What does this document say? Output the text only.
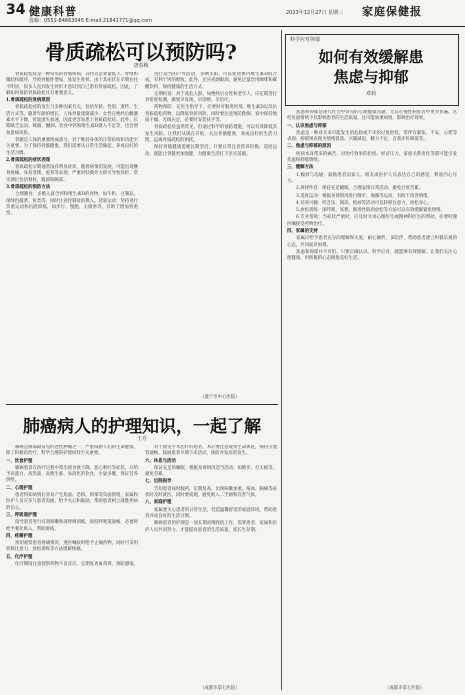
34 健康科普
投稿：0551-84663045 E-mail:21841771@qq.com
2023年12月27日 星期三 家庭保健报
骨质疏松可以预防吗?
唐春梅

骨质疏松症是一种常见的骨骼疾病，其特点是骨量低下、骨组织微结构破坏，导致骨脆性增加，易发生骨折。由于其症状在早期往往不明显，很多人直到发生骨折才意识到自己患有骨质疏松。因此，了解如何预防骨质疏松具有重要意义。

1.骨质疏松的发病原因

骨质疏松症的发生与多种因素有关，包括年龄、性别、遗传、生活方式等。随着年龄的增长，人体骨量逐渐减少，女性在绝经后雌激素水平下降，骨量流失加速，因此更容易患上骨质疏松症。此外，长期缺乏运动、吸烟、酗酒、饮食中钙和维生素D摄入不足等，也会增加患病风险。

骨骼是人体的重要组成部分，对于维持身体的正常结构和功能至关重要。为了保持骨骼健康，我们需要从日常生活做起，养成良好的生活习惯。

2.骨质疏松的症状表现

骨质疏松早期通常没有明显症状，随着病情的发展，可能出现腰背疼痛、身高变矮、驼背等表现，严重时轻微外力即可导致骨折，常见部位包括脊柱、髋部和腕部。

3.骨质疏松的预防方法

合理膳食：多摄入富含钙和维生素D的食物，如牛奶、豆制品、深绿色蔬菜、鱼类等，同时注意控制盐的摄入。适量运动：坚持进行负重运动和抗阻训练，如步行、慢跑、太极拳等，有助于增加骨密度。

进行适当的户外活动，多晒太阳，可以促进体内维生素D的合成，有利于钙的吸收。此外，还应戒烟限酒，避免过量饮用咖啡和碳酸饮料，保持健康的生活方式。

定期检查：对于高危人群，如绝经后女性和老年人，应定期进行骨密度检测，做到早发现、早诊断、早治疗。

药物预防：在医生指导下，必要时可服用钙剂、维生素D以及抗骨质疏松药物，以降低骨折风险。同时要注意预防跌倒，家中保持地面干燥、光线充足，必要时安装扶手等。

骨质疏松症虽然常见，但通过科学的预防措施，可以有效降低其发生风险。让我们从现在开始，关注骨骼健康，养成良好的生活习惯，远离骨质疏松的困扰。

保持骨骼健康需要长期坚持，只要日常注意营养均衡、适度运动，就能让骨骼更加强健，为健康生活打下坚实基础。

（遂宁市中心医院）
肺癌病人的护理知识，一起了解
王丹

肺癌是肺部最常见的恶性肿瘤之一，严重威胁人们的生命健康。除了积极的治疗，科学合理的护理同样至关重要。

一、饮食护理

肺癌患者在治疗过程中常出现食欲下降、恶心呕吐等症状，应给予高蛋白、高热量、高维生素、易消化的饮食，少量多餐，保证营养供给。

二、心理护理

患者得知病情后容易产生焦虑、恐惧、抑郁等负面情绪，家属和医护人员应多与患者沟通，给予关心和鼓励，帮助患者树立战胜疾病的信心。

三、呼吸道护理

指导患者进行有效咳嗽和深呼吸训练，保持呼吸道通畅，必要时给予雾化吸入，帮助排痰。

四、疼痛护理

密切观察患者疼痛情况，遵医嘱按时给予止痛药物，同时可采用转移注意力、放松训练等方法缓解疼痛。

五、化疗护理

化疗期间注意观察药物不良反应，定期复查血常规，预防感染。

对于接受手术治疗的患者，术后要注意观察生命体征，保持引流管通畅，鼓励患者早期下床活动，预防并发症的发生。

六、休息与活动

保证充足的睡眠，根据身体情况适当活动，如散步、打太极等，避免劳累。

七、出院指导

告知患者按时服药，定期复查，出现咳嗽加重、咯血、胸痛等症状时及时就医。同时要戒烟，避免吸入二手烟和有害气体。

八、家庭护理

家属要关心患者的日常生活，营造温馨舒适的家庭环境，帮助患者养成良好的生活习惯。

肺癌患者的护理是一项长期而细致的工作，需要患者、家属和医护人员共同努力，才能提高患者的生活质量，延长生存期。

（成都市第七医院）
科学应对抑郁
如何有效缓解患
焦虑与抑郁
邓莉

焦虑和抑郁是现代社会中常见的心理健康问题，尤其在慢性病患者中更为普遍。这些负面情绪不仅影响患者的生活质量，还可能加重病情，影响治疗效果。

一、认识焦虑与抑郁

焦虑是一种对未来可能发生的危险或不幸的过度担忧，常伴有紧张、不安、心慌等表现；抑郁则表现为情绪低落、兴趣减退、精力不足、自我评价降低等。

二、焦虑与抑郁的原因

疾病本身带来的痛苦、对治疗效果的担忧、经济压力、家庭关系变化等都可能引发焦虑和抑郁情绪。

三、缓解方法

1.倾诉与沟通：鼓励患者向家人、朋友或医护人员表达自己的感受，释放内心压力。

2.规律作息：保持充足睡眠，合理安排日常活动，避免过度劳累。

3.适度运动：根据身体情况进行散步、瑜伽等运动，有助于改善情绪。

4.培养兴趣：听音乐、阅读、绘画等活动可以转移注意力，放松身心。

5.放松训练：深呼吸、冥想、渐进性肌肉放松等方法可以有效缓解紧张情绪。

6.专业帮助：当症状严重时，应及时寻求心理医生或精神科医生的帮助，必要时遵医嘱接受药物治疗。

四、家属的支持

家属应给予患者充分的理解和关爱，耐心倾听，多陪伴，帮助患者建立积极乐观的心态，共同面对困难。

焦虑和抑郁并不可怕，只要正确认识、科学应对，就能够有效缓解。让我们关注心理健康，用积极的心态拥抱美好生活。

（成都市第七医院）
